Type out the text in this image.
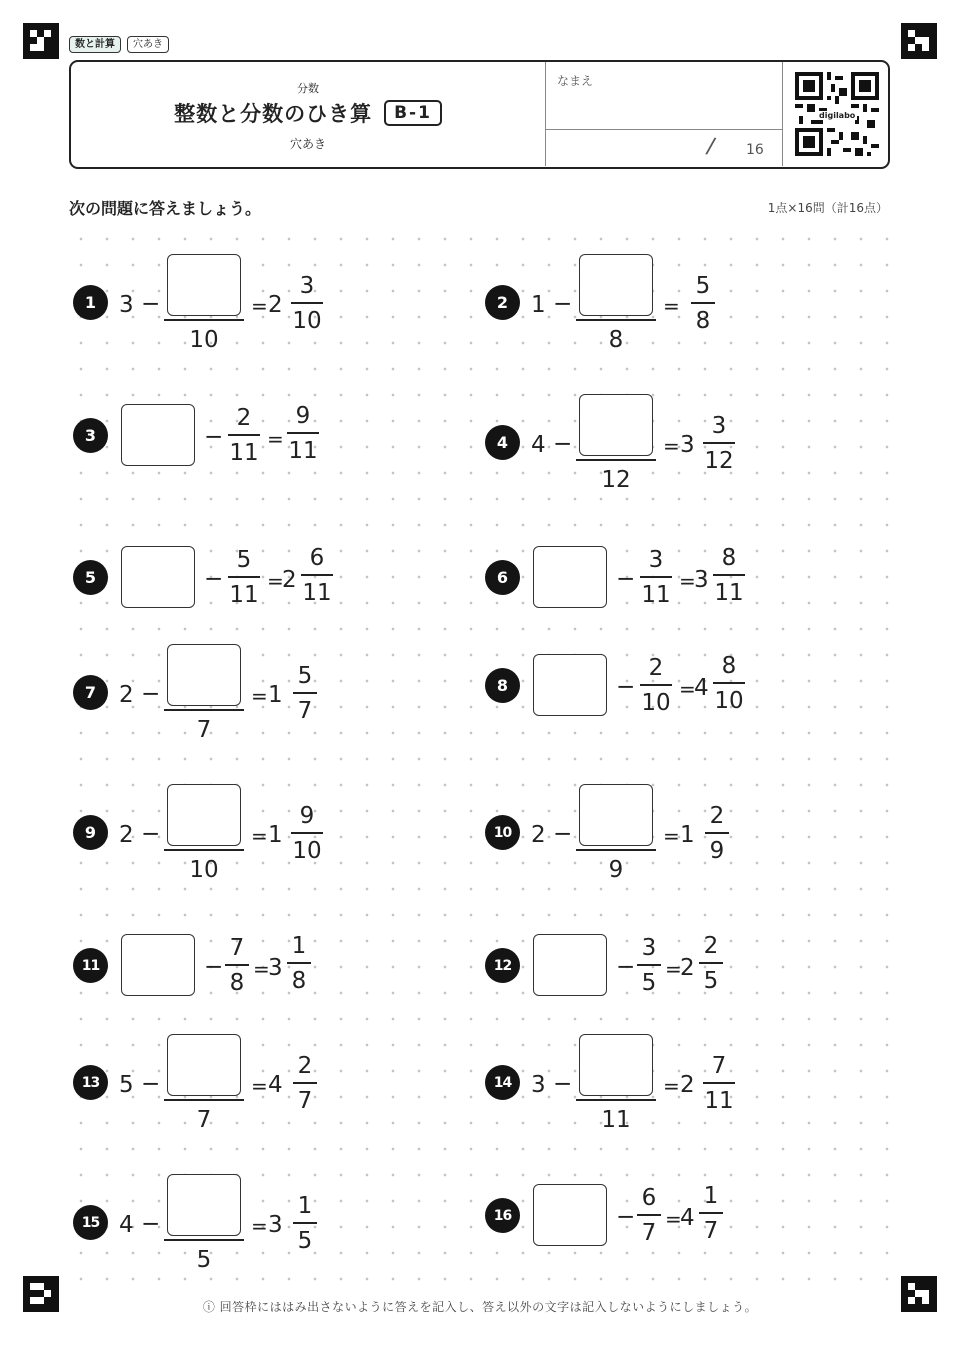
数と計算	穴あき
分数
整数と分数のひき算	B-1
穴あき
なまえ
/ 16
digilabo
次の問題に答えましょう。	1点×16問（計16点）
1 3 −
10
= 2
3
10
2 1 −
8
=
5
8
3	−
2
11
=
9
11	4 4 −
12
= 3
3
12
5	−
5
11
=
2
6
11
6	−
3
11
=
3
8
11
7 2 −
7
= 1
5
7
8	−
2
10
=
4
8
10
9 2 −
10
= 1
9
10
10 2 −
9
= 1
2
9
11	−
7
8
=
3
1
8
12	−
3
5
=
2
2
5
13 5 −
7
= 4
2
7
14 3 −
11
= 2
7
11
15 4 −
5
= 3
1
5
16	−
6
7
=
4
1
7
ⓘ 回答枠にははみ出さないように答えを記入し、答え以外の文字は記入しないようにしましょう。
